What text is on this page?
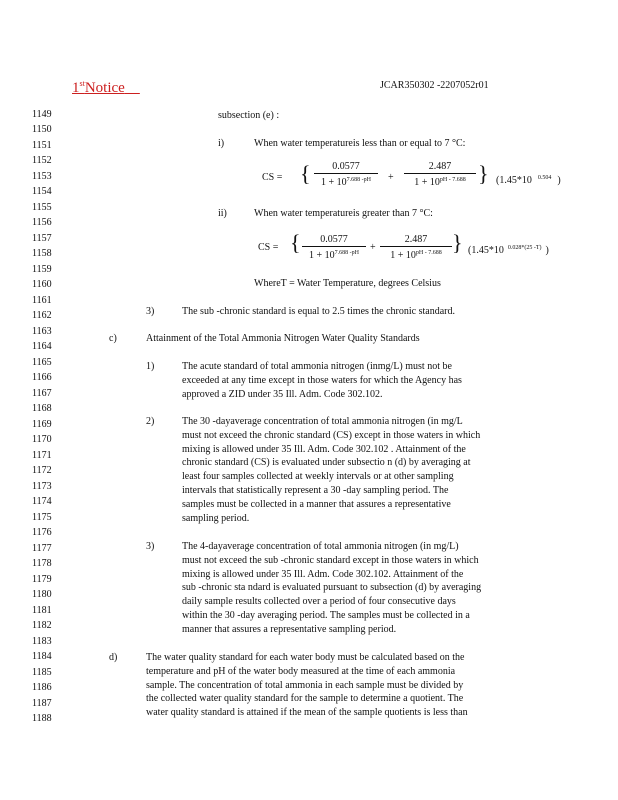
1stNotice	JCAR350302 -2207052r01
1149
1150
1151
1152
1153
1154
1155
1156
1157
1158
1159
1160
1161
1162
1163
1164
1165
1166
1167
1168
1169
1170
1171
1172
1173
1174
1175
1176
1177
1178
1179
1180
1181
1182
1183
1184
1185
1186
1187
1188
subsection (e) :
i)	When water temperatureis less than or equal to 7 °C:
CS = {	0.0577
$1 + 10^{7.688 -pH}$	+
2.487
$1 + 10^{pH - 7.688}$ } (1.45*10 $^{0.504}$ )
ii)	When water temperatureis greater than 7 °C:
CS = {	0.0577
$1 + 10^{7.688 -pH}$	+
2.487
$1 + 10^{pH - 7.688}$ } (1.45*10 $^{0.028*(25 -T)}$ )
WhereT = Water Temperature, degrees Celsius
3)	The sub -chronic standard is equal to 2.5 times the chronic standard.
c)	Attainment of the Total Ammonia Nitrogen Water Quality Standards
1)	The acute standard of total ammonia nitrogen (inmg/L) must not be
exceeded at any time except in those waters for which the Agency has
approved a ZID under 35 Ill. Adm. Code 302.102.
2)	The 30 -dayaverage concentration of total ammonia nitrogen (in mg/L
must not exceed the chronic standard (CS) except in those waters in which
mixing is allowed under 35 Ill. Adm. Code 302.102 . Attainment of the
chronic standard (CS) is evaluated under subsectio n (d) by averaging at
least four samples collected at weekly intervals or at other sampling
intervals that statistically represent a 30 -day sampling period. The
samples must be collected in a manner that assures a representative
sampling period.
3)	The 4-dayaverage concentration of total ammonia nitrogen (in mg/L)
must not exceed the sub -chronic standard except in those waters in which
mixing is allowed under 35 Ill. Adm. Code 302.102. Attainment of the
sub -chronic sta ndard is evaluated pursuant to subsection (d) by averaging
daily sample results collected over a period of four consecutive days
within the 30 -day averaging period. The samples must be collected in a
manner that assures a representative sampling period.
d)	The water quality standard for each water body must be calculated based on the
temperature and pH of the water body measured at the time of each ammonia
sample. The concentration of total ammonia in each sample must be divided by
the collected water quality standard for the sample to determine a quotient. The
water quality standard is attained if the mean of the sample quotients is less than
